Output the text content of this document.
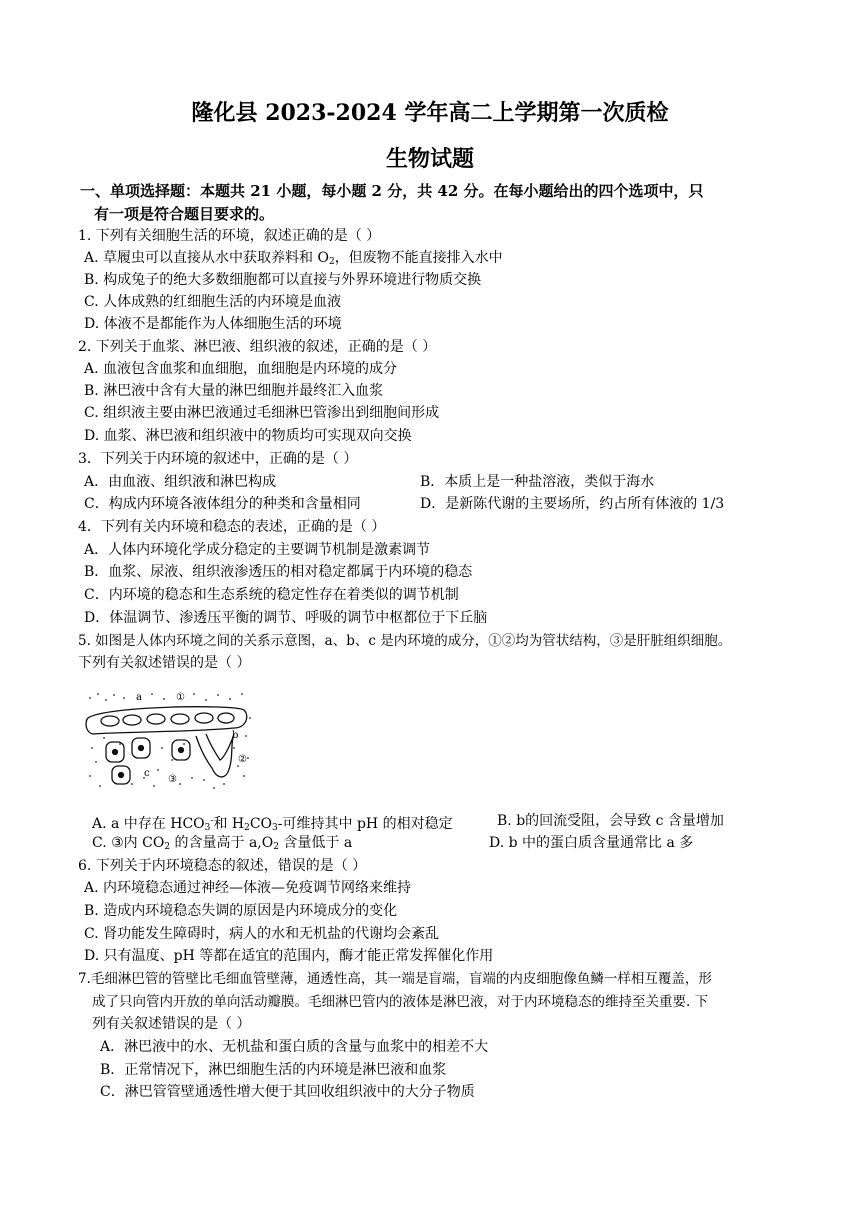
隆化县 2023-2024 学年高二上学期第一次质检
生物试题
一、单项选择题：本题共 21 小题，每小题 2 分，共 42 分。在每小题给出的四个选项中，只
有一项是符合题目要求的。
1. 下列有关细胞生活的环境，叙述正确的是（ ）
A. 草履虫可以直接从水中获取养料和 $O_2$，但废物不能直接排入水中
B. 构成兔子的绝大多数细胞都可以直接与外界环境进行物质交换
C. 人体成熟的红细胞生活的内环境是血液
D. 体液不是都能作为人体细胞生活的环境
2. 下列关于血浆、淋巴液、组织液的叙述，正确的是（ ）
A. 血液包含血浆和血细胞，血细胞是内环境的成分
B. 淋巴液中含有大量的淋巴细胞并最终汇入血浆
C. 组织液主要由淋巴液通过毛细淋巴管渗出到细胞间形成
D. 血浆、淋巴液和组织液中的物质均可实现双向交换
3．下列关于内环境的叙述中，正确的是（ ）
A．由血液、组织液和淋巴构成	B．本质上是一种盐溶液，类似于海水
C．构成内环境各液体组分的种类和含量相同	D．是新陈代谢的主要场所，约占所有体液的 1/3
4．下列有关内环境和稳态的表述，正确的是（ ）
A．人体内环境化学成分稳定的主要调节机制是激素调节
B．血浆、尿液、组织液渗透压的相对稳定都属于内环境的稳态
C．内环境的稳态和生态系统的稳定性存在着类似的调节机制
D．体温调节、渗透压平衡的调节、呼吸的调节中枢都位于下丘脑
5. 如图是人体内环境之间的关系示意图，a、b、c 是内环境的成分，①②均为管状结构，③是肝脏组织细胞。
下列有关叙述错误的是（ ）
a	①
b
c
②
③
A. a 中存在 $HCO_3^-$和 $H_2CO_3-$可维持其中 pH 的相对稳定	B. b的回流受阻，会导致 c 含量增加
C. ③内 $CO_2$ 的含量高于 $a,O_2$ 含量低于 a	D. b 中的蛋白质含量通常比 a 多
6. 下列关于内环境稳态的叙述，错误的是（ ）
A. 内环境稳态通过神经—体液—免疫调节网络来维持
B. 造成内环境稳态失调的原因是内环境成分的变化
C. 肾功能发生障碍时，病人的水和无机盐的代谢均会紊乱
D. 只有温度、pH 等都在适宜的范围内，酶才能正常发挥催化作用
7.毛细淋巴管的管壁比毛细血管壁薄，通透性高，其一端是盲端，盲端的内皮细胞像鱼鳞一样相互覆盖，形
成了只向管内开放的单向活动瓣膜。毛细淋巴管内的液体是淋巴液，对于内环境稳态的维持至关重要. 下
列有关叙述错误的是（ ）
A．淋巴液中的水、无机盐和蛋白质的含量与血浆中的相差不大
B．正常情况下，淋巴细胞生活的内环境是淋巴液和血浆
C．淋巴管管壁通透性增大便于其回收组织液中的大分子物质
